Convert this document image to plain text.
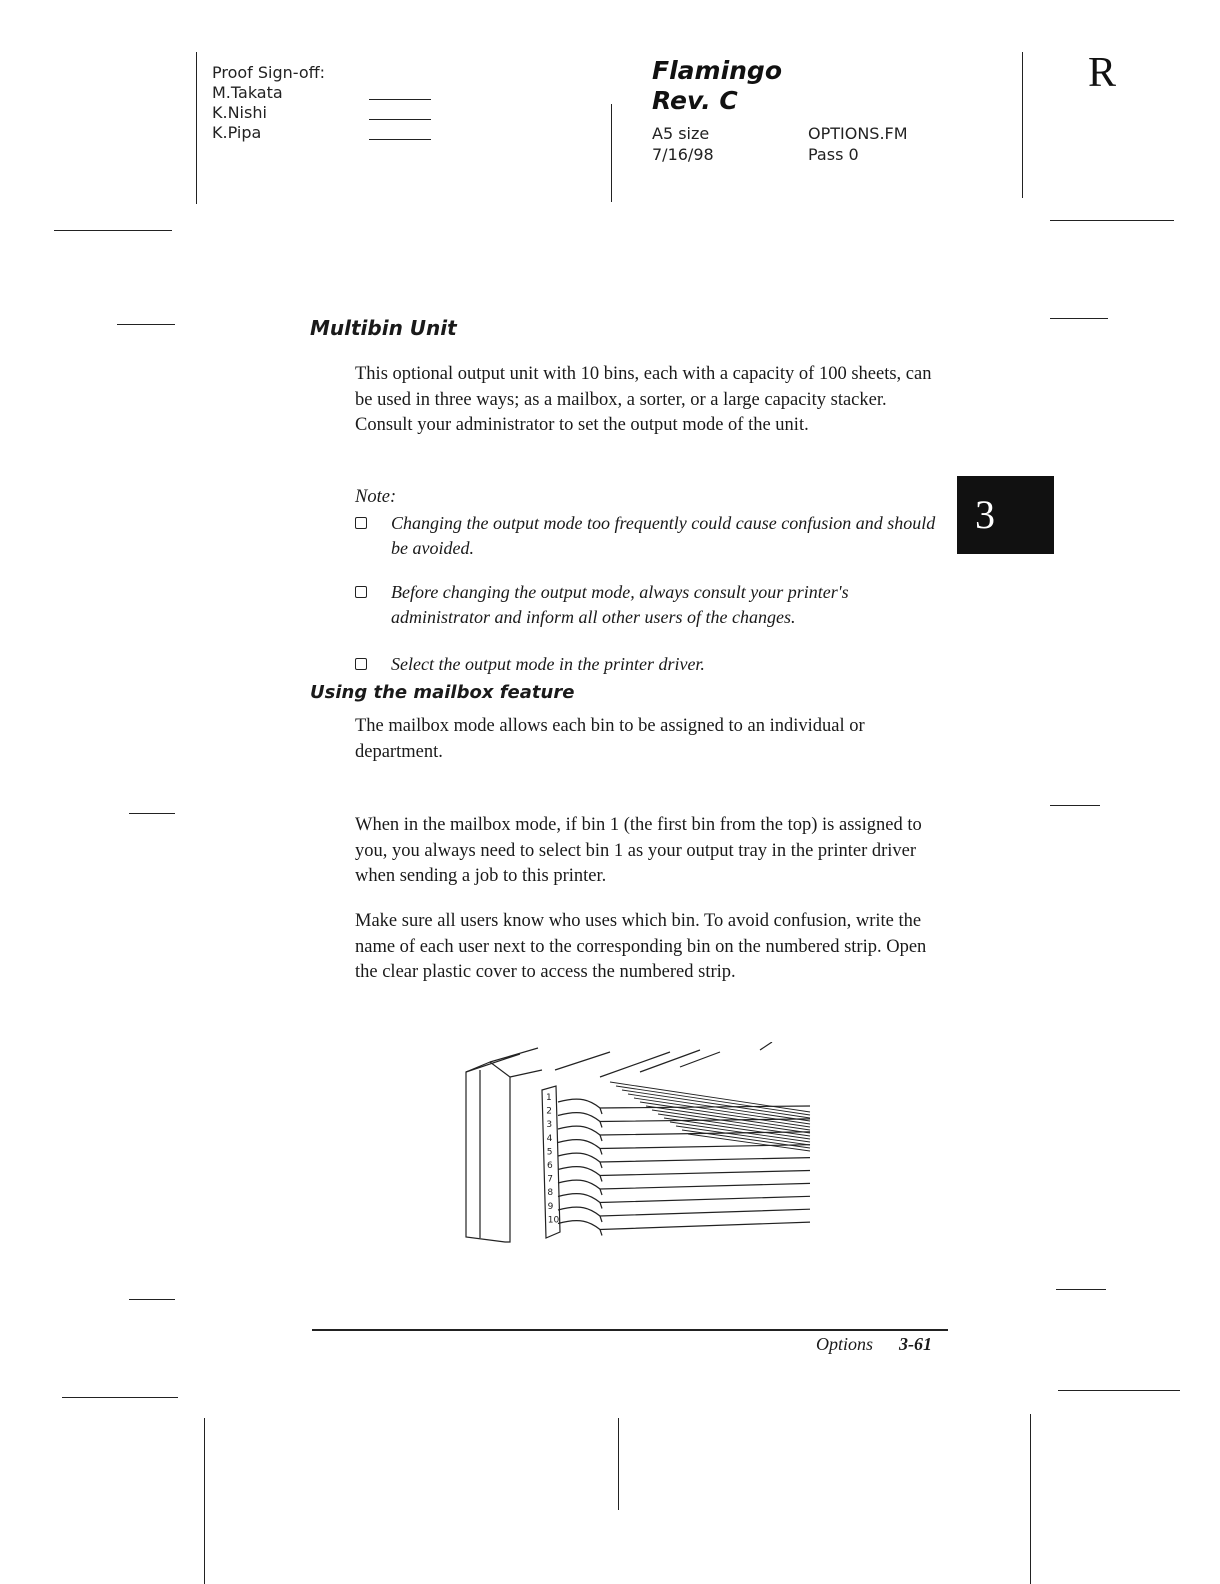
Proof Sign-off:
M.Takata
K.Nishi
K.Pipa
Flamingo
Rev. C
A5 size
7/16/98
OPTIONS.FM
Pass 0
R
Multibin Unit

This optional output unit with 10 bins, each with a capacity of 100 sheets, can be used in three ways; as a mailbox, a sorter, or a large capacity stacker. Consult your administrator to set the output mode of the unit.

Note:
Changing the output mode too frequently could cause confusion and should be avoided.
Before changing the output mode, always consult your printer's administrator and inform all other users of the changes.
Select the output mode in the printer driver.
3
Using the mailbox feature

The mailbox mode allows each bin to be assigned to an individual or department.

When in the mailbox mode, if bin 1 (the first bin from the top) is assigned to you, you always need to select bin 1 as your output tray in the printer driver when sending a job to this printer.

Make sure all users know who uses which bin. To avoid confusion, write the name of each user next to the corresponding bin on the numbered strip. Open the clear plastic cover to access the numbered strip.

1
2
3
4
5
6
7
8
9
10
Options 3-61
